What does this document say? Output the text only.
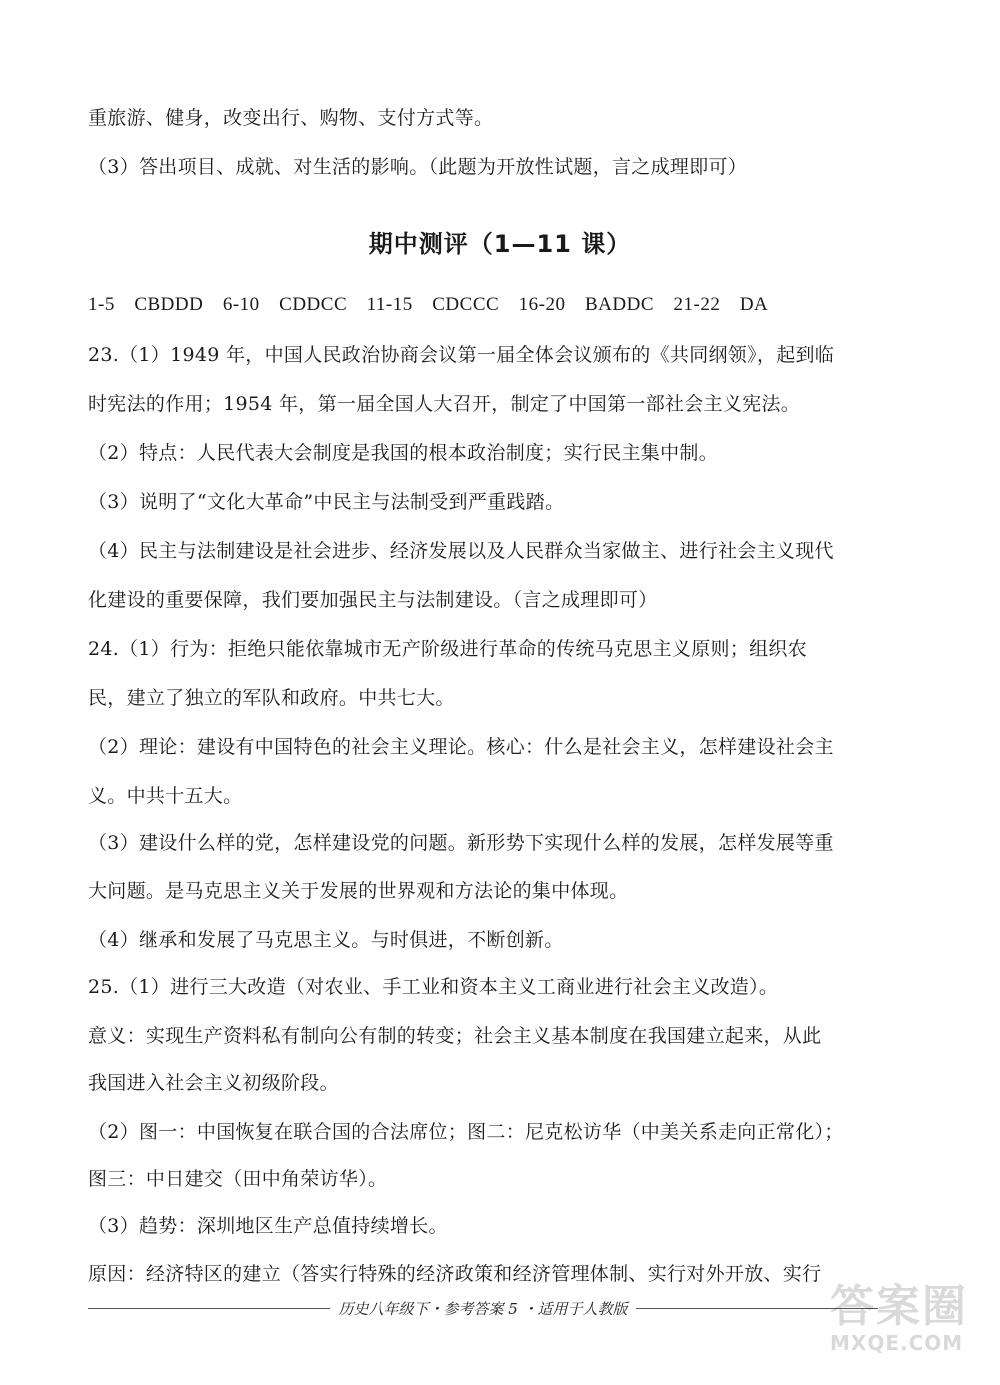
重旅游、健身，改变出行、购物、支付方式等。
（3）答出项目、成就、对生活的影响。（此题为开放性试题，言之成理即可）
期中测评（1—11 课）
1-5　CBDDD　6-10　CDDCC　11-15　CDCCC　16-20　BADDC　21-22　DA
23.（1）1949 年，中国人民政治协商会议第一届全体会议颁布的《共同纲领》，起到临
时宪法的作用；1954 年，第一届全国人大召开，制定了中国第一部社会主义宪法。
（2）特点：人民代表大会制度是我国的根本政治制度；实行民主集中制。
（3）说明了“文化大革命”中民主与法制受到严重践踏。
（4）民主与法制建设是社会进步、经济发展以及人民群众当家做主、进行社会主义现代
化建设的重要保障，我们要加强民主与法制建设。（言之成理即可）
24.（1）行为：拒绝只能依靠城市无产阶级进行革命的传统马克思主义原则；组织农
民，建立了独立的军队和政府。中共七大。
（2）理论：建设有中国特色的社会主义理论。核心：什么是社会主义，怎样建设社会主
义。中共十五大。
（3）建设什么样的党，怎样建设党的问题。新形势下实现什么样的发展，怎样发展等重
大问题。是马克思主义关于发展的世界观和方法论的集中体现。
（4）继承和发展了马克思主义。与时俱进，不断创新。
25.（1）进行三大改造（对农业、手工业和资本主义工商业进行社会主义改造）。
意义：实现生产资料私有制向公有制的转变；社会主义基本制度在我国建立起来，从此
我国进入社会主义初级阶段。
（2）图一：中国恢复在联合国的合法席位；图二：尼克松访华（中美关系走向正常化）；
图三：中日建交（田中角荣访华）。
（3）趋势：深圳地区生产总值持续增长。
原因：经济特区的建立（答实行特殊的经济政策和经济管理体制、实行对外开放、实行
历史八年级下・参考答案 5 ・适用于人教版	答案圈
MXQE.COM
